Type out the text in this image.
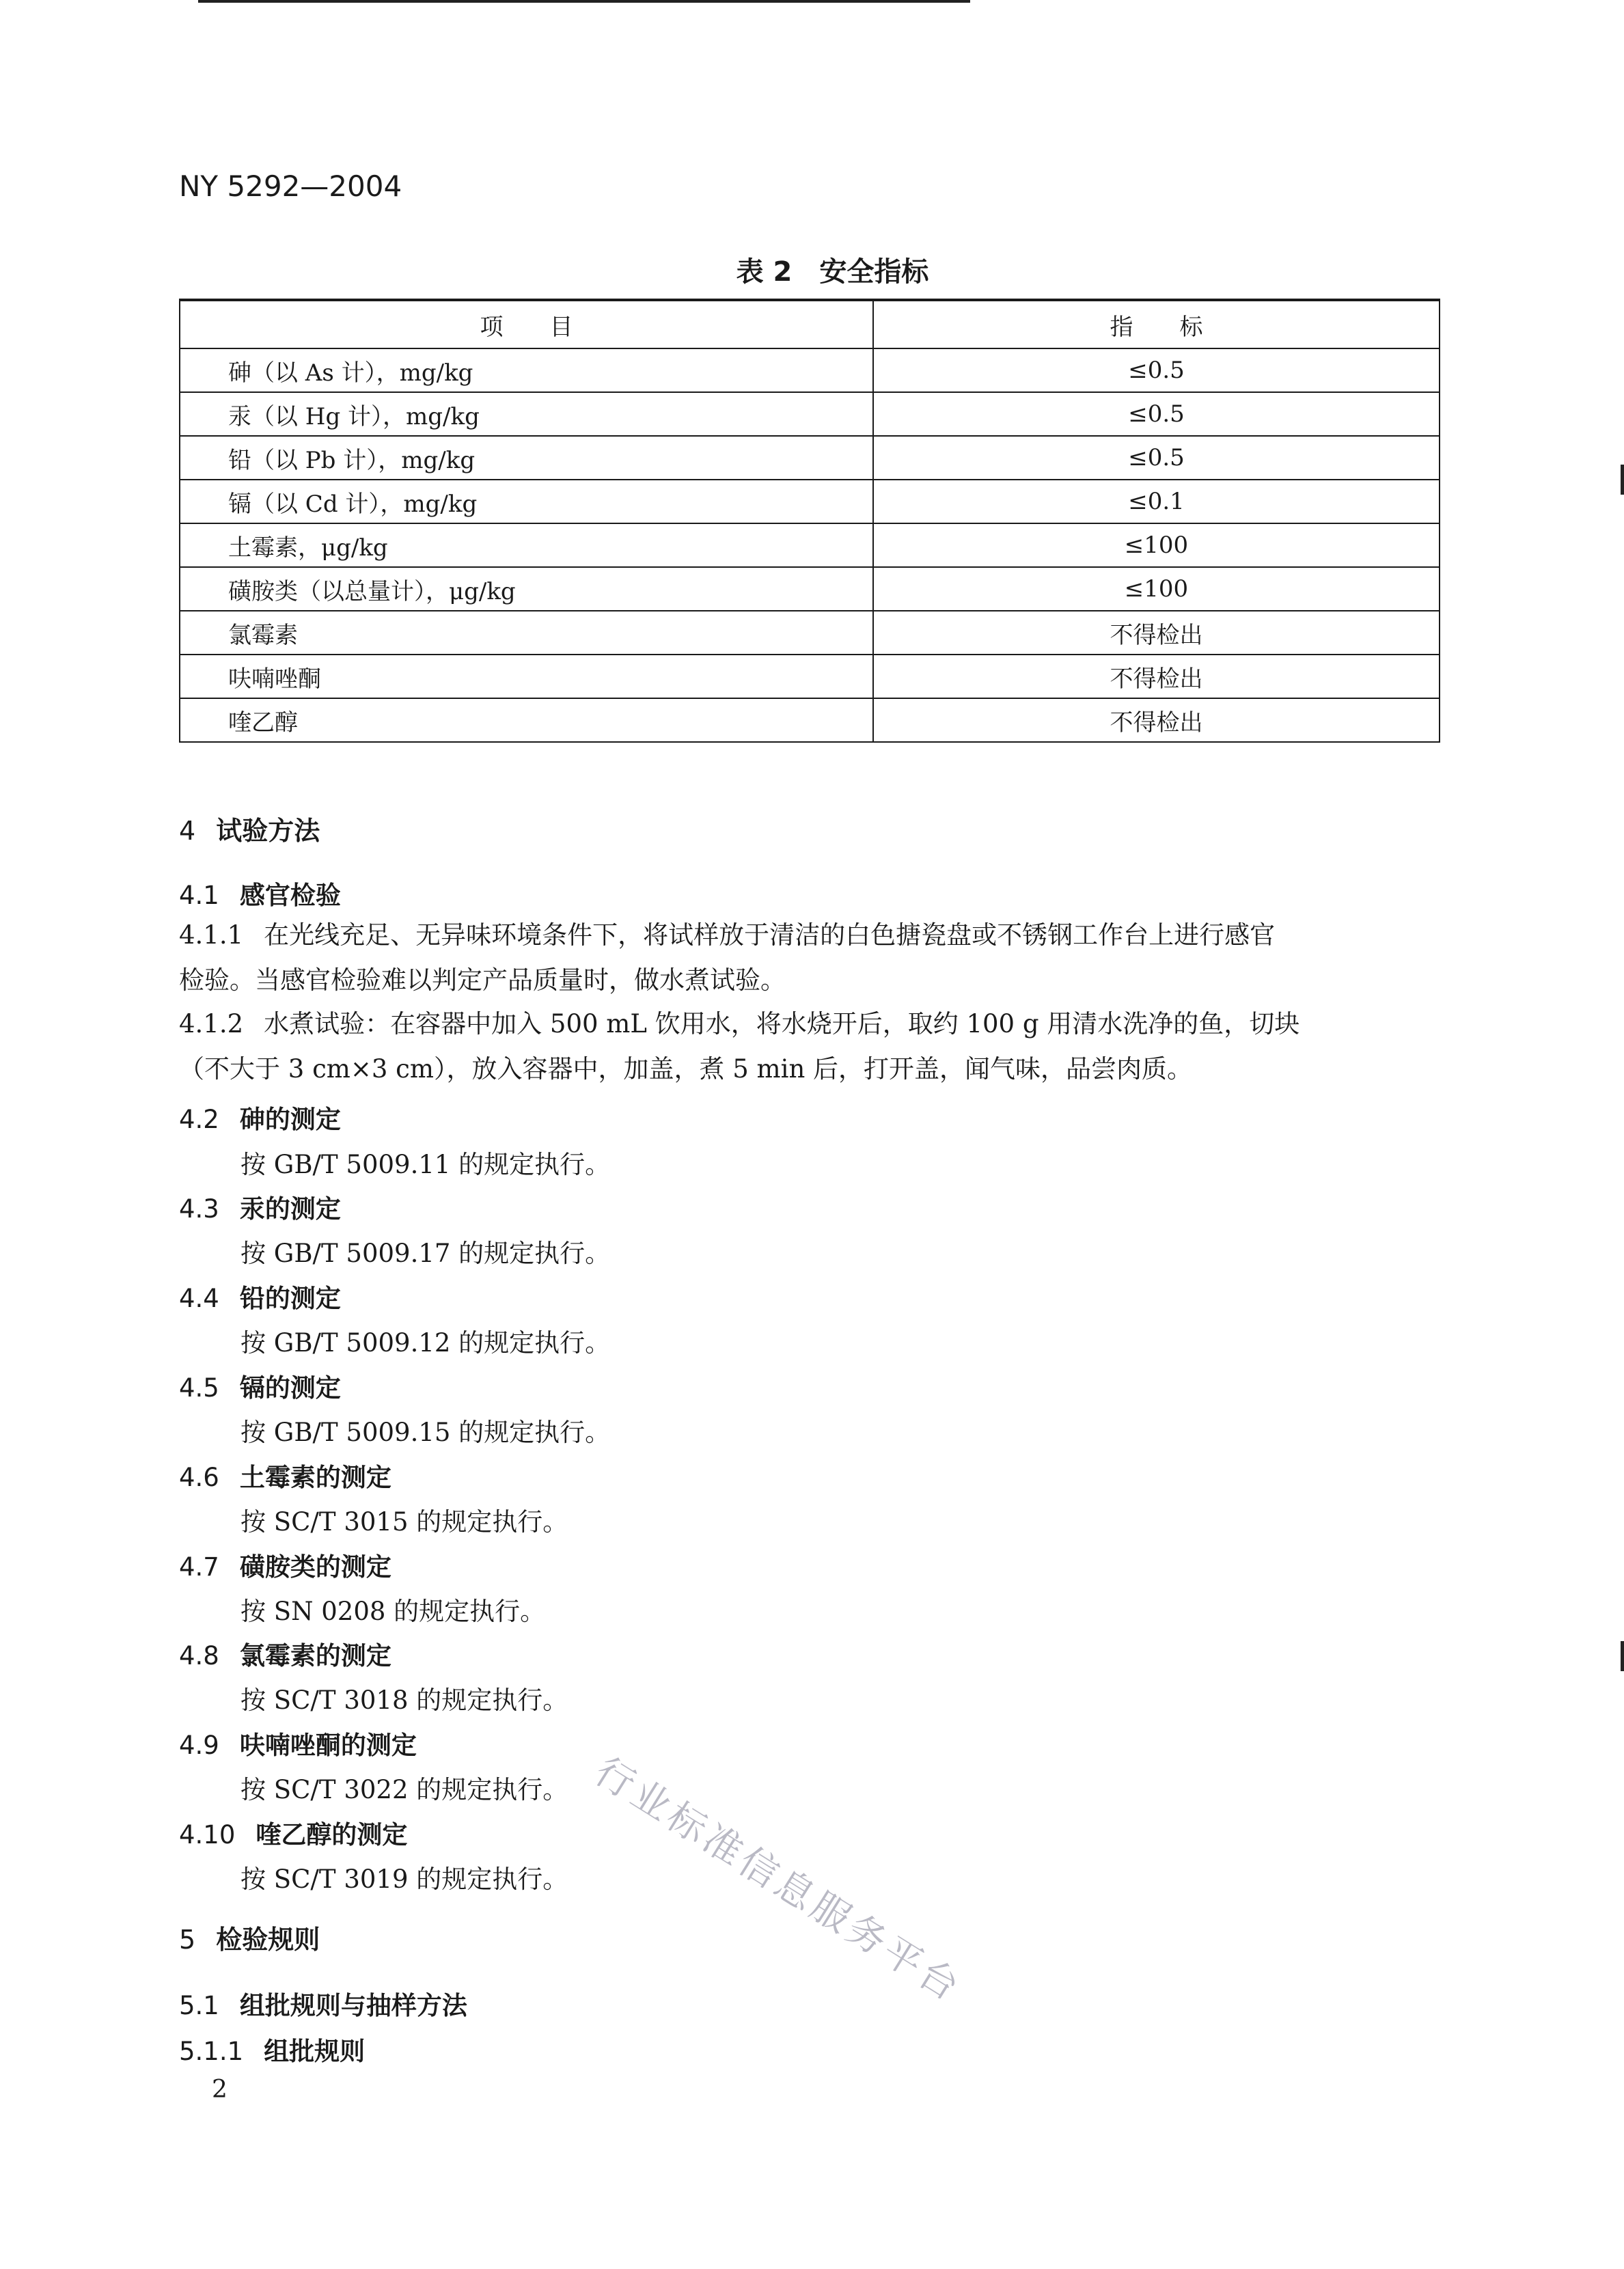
NY 5292—2004
表 2　安全指标
项　　目	指　　标
砷（以 As 计），mg/kg	≤0.5
汞（以 Hg 计），mg/kg	≤0.5
铅（以 Pb 计），mg/kg	≤0.5
镉（以 Cd 计），mg/kg	≤0.1
土霉素，μg/kg	≤100
磺胺类（以总量计），μg/kg	≤100
氯霉素	不得检出
呋喃唑酮	不得检出
喹乙醇	不得检出
4 试验方法
4.1 感官检验
4.1.1 在光线充足、无异味环境条件下，将试样放于清洁的白色搪瓷盘或不锈钢工作台上进行感官
检验。当感官检验难以判定产品质量时，做水煮试验。
4.1.2 水煮试验：在容器中加入 500 mL 饮用水，将水烧开后，取约 100 g 用清水洗净的鱼，切块
（不大于 3 cm×3 cm），放入容器中，加盖，煮 5 min 后，打开盖，闻气味，品尝肉质。
4.2 砷的测定
按 GB/T 5009.11 的规定执行。
4.3 汞的测定
按 GB/T 5009.17 的规定执行。
4.4 铅的测定
按 GB/T 5009.12 的规定执行。
4.5 镉的测定
按 GB/T 5009.15 的规定执行。
4.6 土霉素的测定
按 SC/T 3015 的规定执行。
4.7 磺胺类的测定
按 SN 0208 的规定执行。
4.8 氯霉素的测定
按 SC/T 3018 的规定执行。
4.9 呋喃唑酮的测定
按 SC/T 3022 的规定执行。
4.10 喹乙醇的测定
按 SC/T 3019 的规定执行。
5 检验规则
5.1 组批规则与抽样方法
5.1.1 组批规则
2
行业标准信息服务平台
